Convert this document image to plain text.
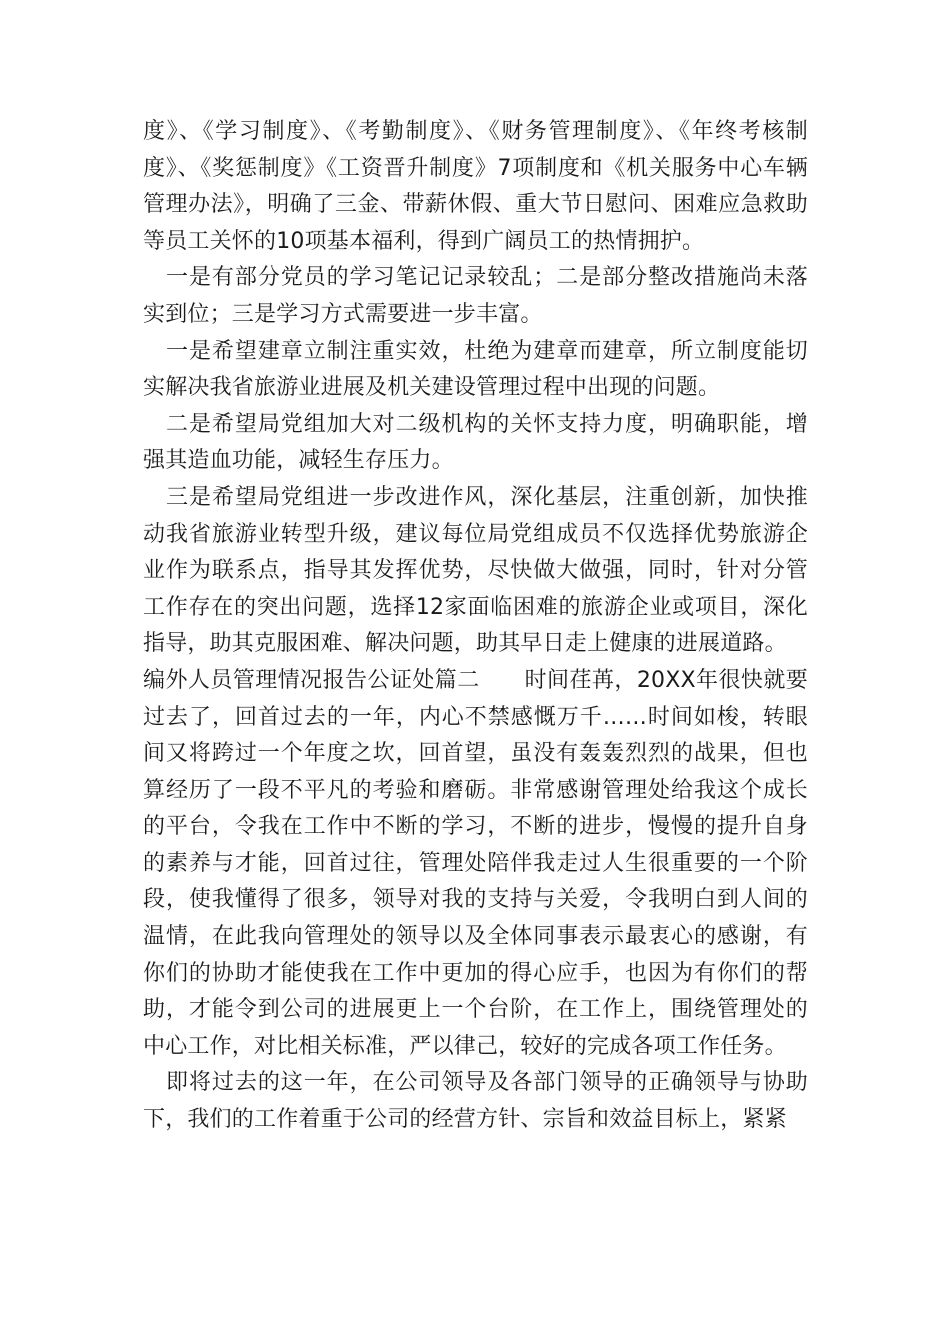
度》、《学习制度》、《考勤制度》、《财务管理制度》、《年终考核制度》、《奖惩制度》《工资晋升制度》7项制度和《机关服务中心车辆管理办法》，明确了三金、带薪休假、重大节日慰问、困难应急救助等员工关怀的10项基本福利，得到广阔员工的热情拥护。

一是有部分党员的学习笔记记录较乱；二是部分整改措施尚未落实到位；三是学习方式需要进一步丰富。

一是希望建章立制注重实效，杜绝为建章而建章，所立制度能切实解决我省旅游业进展及机关建设管理过程中出现的问题。

二是希望局党组加大对二级机构的关怀支持力度，明确职能，增强其造血功能，减轻生存压力。

三是希望局党组进一步改进作风，深化基层，注重创新，加快推动我省旅游业转型升级，建议每位局党组成员不仅选择优势旅游企业作为联系点，指导其发挥优势，尽快做大做强，同时，针对分管工作存在的突出问题，选择12家面临困难的旅游企业或项目，深化指导，助其克服困难、解决问题，助其早日走上健康的进展道路。

编外人员管理情况报告公证处篇二　　时间荏苒，20XX年很快就要过去了，回首过去的一年，内心不禁感慨万千……时间如梭，转眼间又将跨过一个年度之坎，回首望，虽没有轰轰烈烈的战果，但也算经历了一段不平凡的考验和磨砺。非常感谢管理处给我这个成长的平台，令我在工作中不断的学习，不断的进步，慢慢的提升自身的素养与才能，回首过往，管理处陪伴我走过人生很重要的一个阶段，使我懂得了很多，领导对我的支持与关爱，令我明白到人间的温情，在此我向管理处的领导以及全体同事表示最衷心的感谢，有你们的协助才能使我在工作中更加的得心应手，也因为有你们的帮助，才能令到公司的进展更上一个台阶，在工作上，围绕管理处的中心工作，对比相关标准，严以律己，较好的完成各项工作任务。

即将过去的这一年，在公司领导及各部门领导的正确领导与协助下，我们的工作着重于公司的经营方针、宗旨和效益目标上，紧紧
